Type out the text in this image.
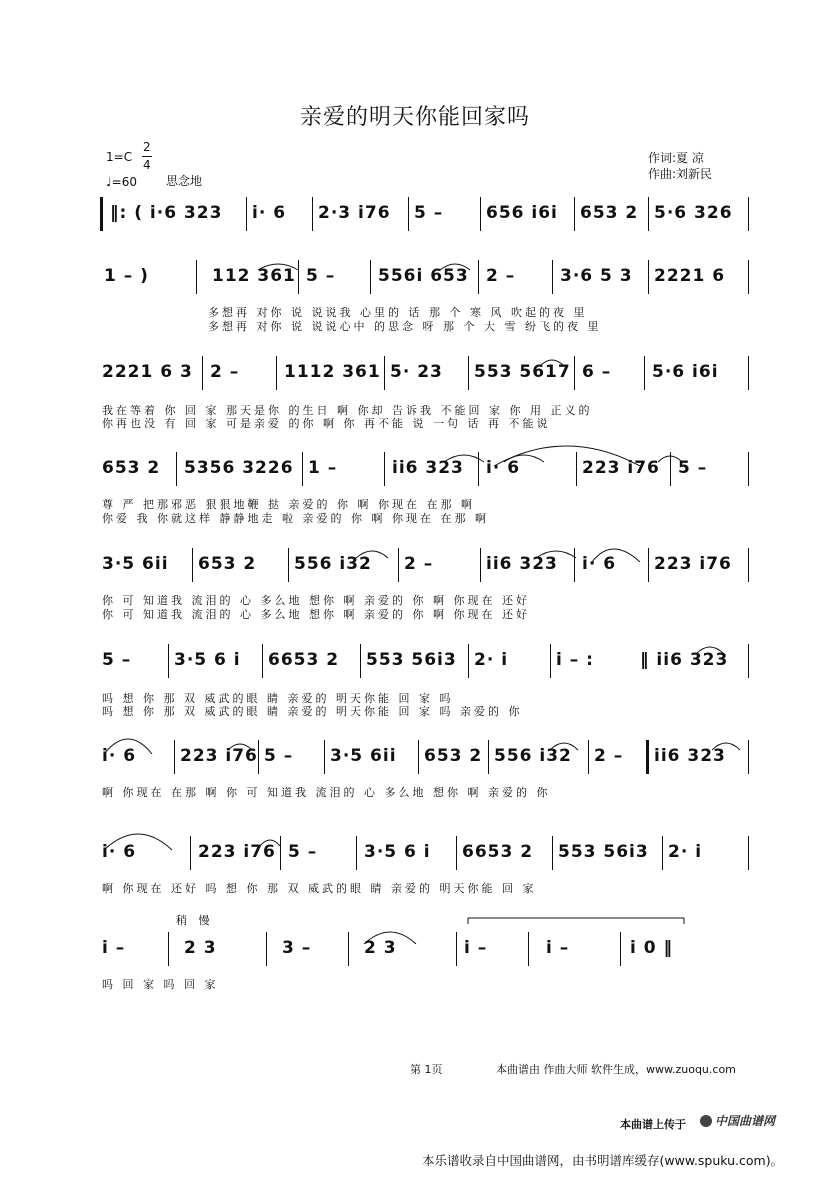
亲爱的明天你能回家吗
1=C
2
4
♩=60 思念地
作词:夏 凉
作曲:刘新民
‖: ( i·6 323 i· 6 2·3 i76 5 –	656 i6i 653 2 5·6 326
1 – )	112 361 5 –	556i 653 2 –	3·6 5 3 2221 6
多想再 对你 说 说说我 心里的 话 那 个 寒 风 吹起的夜 里
多想再 对你 说 说说心中 的思念 呀 那 个 大 雪 纷飞的夜 里
2221 6 3 2 –	1112 361 5· 23 553 5617 6 – 5·6 i6i
我在等着 你 回 家 那天是你 的生日 啊 你却 告诉我 不能回 家 你 用 正义的
你再也没 有 回 家 可是亲爱 的你 啊 你 再不能 说 一句 话 再 不能说
653 2 5356 3226 1 –	ii6 323 i· 6	223 i76 5 –
尊 严 把那邪恶 狠狠地鞭 挞 亲爱的 你 啊 你现在 在那 啊
你爱 我 你就这样 静静地走 啦 亲爱的 你 啊 你现在 在那 啊
3·5 6ii 653 2 556 i32 2 –	ii6 323 i· 6 223 i76
你 可 知道我 流泪的 心 多么地 想你 啊 亲爱的 你 啊 你现在 还好
你 可 知道我 流泪的 心 多么地 想你 啊 亲爱的 你 啊 你现在 还好
5 –	3·5 6 i 6653 2 553 56i3 2· i	i – :	‖ ii6 323
吗 想 你 那 双 威武的眼 睛 亲爱的 明天你能 回 家 吗
吗 想 你 那 双 威武的眼 睛 亲爱的 明天你能 回 家 吗 亲爱的 你
i· 6	223 i76 5 – 3·5 6ii 653 2 556 i32 2 – ii6 323
啊 你现在 在那 啊 你 可 知道我 流泪的 心 多么地 想你 啊 亲爱的 你
i· 6	223 i76 5 –	3·5 6 i 6653 2 553 56i3 2· i
啊 你现在 还好 吗 想 你 那 双 威武的眼 睛 亲爱的 明天你能 回 家
稍 慢
i –	2 3	3 –	2 3	i –	i –	i 0 ‖
吗 回 家 吗 回 家
第 1页	本曲谱由 作曲大师 软件生成，www.zuoqu.com
本曲谱上传于 中国曲谱网
本乐谱收录自中国曲谱网，由书明谱库缓存(www.spuku.com)。
